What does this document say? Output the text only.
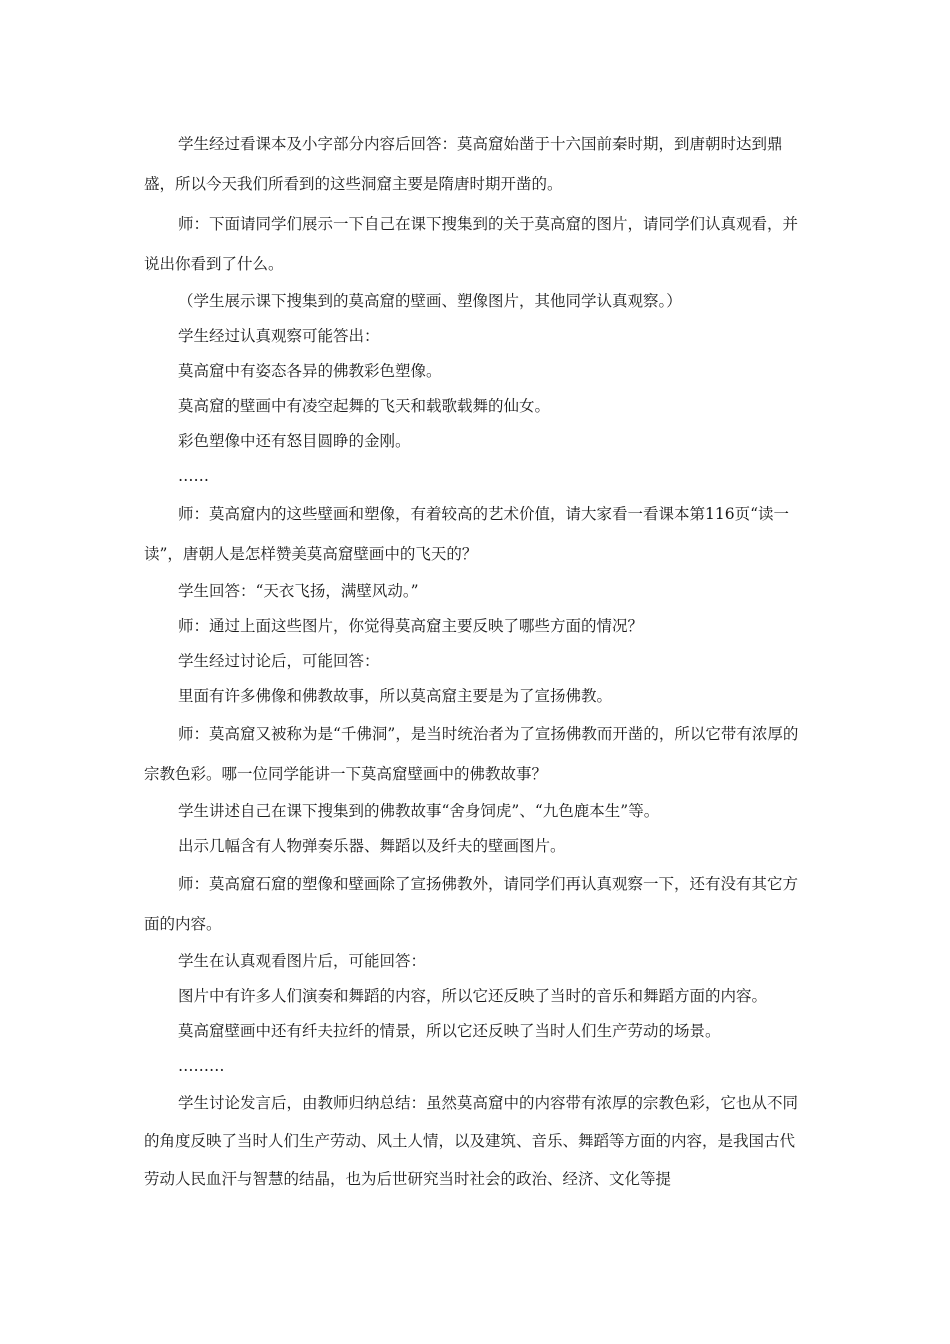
学生经过看课本及小字部分内容后回答：莫高窟始凿于十六国前秦时期，到唐朝时达到鼎盛，所以今天我们所看到的这些洞窟主要是隋唐时期开凿的。

师：下面请同学们展示一下自己在课下搜集到的关于莫高窟的图片，请同学们认真观看，并说出你看到了什么。

（学生展示课下搜集到的莫高窟的壁画、塑像图片，其他同学认真观察。）

学生经过认真观察可能答出：

莫高窟中有姿态各异的佛教彩色塑像。

莫高窟的壁画中有凌空起舞的飞天和载歌载舞的仙女。

彩色塑像中还有怒目圆睁的金刚。

……

师：莫高窟内的这些壁画和塑像，有着较高的艺术价值，请大家看一看课本第116页“读一读”，唐朝人是怎样赞美莫高窟壁画中的飞天的？

学生回答：“天衣飞扬，满壁风动。”

师：通过上面这些图片，你觉得莫高窟主要反映了哪些方面的情况？

学生经过讨论后，可能回答：

里面有许多佛像和佛教故事，所以莫高窟主要是为了宣扬佛教。

师：莫高窟又被称为是“千佛洞”，是当时统治者为了宣扬佛教而开凿的，所以它带有浓厚的宗教色彩。哪一位同学能讲一下莫高窟壁画中的佛教故事？

学生讲述自己在课下搜集到的佛教故事“舍身饲虎”、“九色鹿本生”等。

出示几幅含有人物弹奏乐器、舞蹈以及纤夫的壁画图片。

师：莫高窟石窟的塑像和壁画除了宣扬佛教外，请同学们再认真观察一下，还有没有其它方面的内容。

学生在认真观看图片后，可能回答：

图片中有许多人们演奏和舞蹈的内容，所以它还反映了当时的音乐和舞蹈方面的内容。

莫高窟壁画中还有纤夫拉纤的情景，所以它还反映了当时人们生产劳动的场景。

………

学生讨论发言后，由教师归纳总结：虽然莫高窟中的内容带有浓厚的宗教色彩，它也从不同的角度反映了当时人们生产劳动、风土人情，以及建筑、音乐、舞蹈等方面的内容，是我国古代劳动人民血汗与智慧的结晶，也为后世研究当时社会的政治、经济、文化等提
